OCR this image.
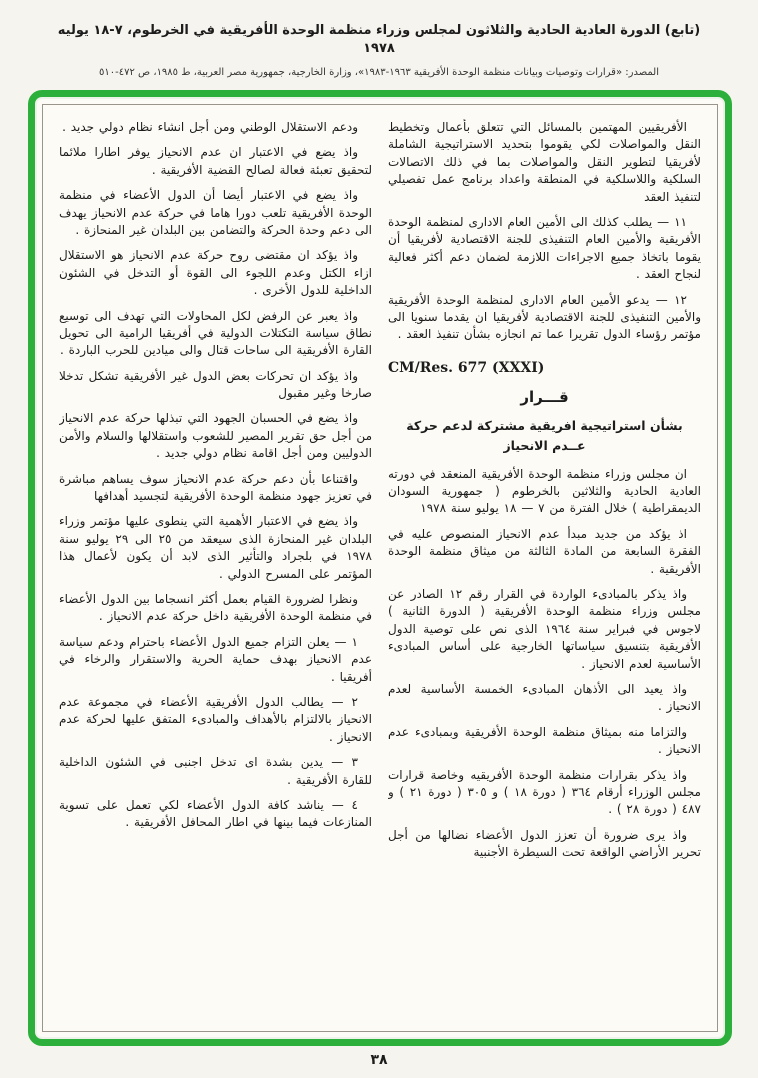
(تابع) الدورة العادية الحادية والثلاثون لمجلس وزراء منظمة الوحدة الأفريقية في الخرطوم، ٧-١٨ يوليه ١٩٧٨
المصدر: «قرارات وتوصيات وبيانات منظمة الوحدة الأفريقية ١٩٦٣-١٩٨٣»، وزارة الخارجية، جمهورية مصر العربية، ط ١٩٨٥، ص ٤٧٢-٥١٠
الأفريقيين المهتمين بالمسائل التي تتعلق بأعمال وتخطيط النقل والمواصلات لكي يقوموا بتحديد الاستراتيجية الشاملة لأفريقيا لتطوير النقل والمواصلات بما في ذلك الاتصالات السلكية واللاسلكية في المنطقة واعداد برنامج عمل تفصيلي لتنفيذ العقد
١١ — يطلب كذلك الى الأمين العام الادارى لمنظمة الوحدة الأفريقية والأمين العام التنفيذى للجنة الاقتصادية لأفريقيا أن يقوما باتخاذ جميع الاجراءات اللازمة لضمان دعم أكثر فعالية لنجاح العقد .
١٢ — يدعو الأمين العام الادارى لمنظمة الوحدة الأفريقية والأمين التنفيذى للجنة الاقتصادية لأفريقيا ان يقدما سنويا الى مؤتمر رؤساء الدول تقريرا عما تم انجازه بشأن تنفيذ العقد .
CM/Res. 677 (XXXI)
قـــرار
بشأن استراتيجية افريقية مشتركة لدعم حركة عــدم الانحياز
ان مجلس وزراء منظمة الوحدة الأفريقية المنعقد في دورته العادية الحادية والثلاثين بالخرطوم ( جمهورية السودان الديمقراطية ) خلال الفترة من ٧ — ١٨ يوليو سنة ١٩٧٨
اذ يؤكد من جديد مبدأ عدم الانحياز المنصوص عليه في الفقرة السابعة من المادة الثالثة من ميثاق منظمة الوحدة الأفريقية .
واذ يذكر بالمبادىء الواردة في القرار رقم ١٢ الصادر عن مجلس وزراء منظمة الوحدة الأفريقية ( الدورة الثانية ) لاجوس في فبراير سنة ١٩٦٤ الذى نص على توصية الدول الأفريقية بتنسيق سياساتها الخارجية على أساس المبادىء الأساسية لعدم الانحياز .
واذ يعيد الى الأذهان المبادىء الخمسة الأساسية لعدم الانحياز .
والتزاما منه بميثاق منظمة الوحدة الأفريقية وبمبادىء عدم الانحياز .
واذ يذكر بقرارات منظمة الوحدة الأفريقيه وخاصة قرارات مجلس الوزراء أرقام ٣٦٤ ( دورة ١٨ ) و ٣٠٥ ( دورة ٢١ ) و ٤٨٧ ( دورة ٢٨ ) .
واذ يرى ضرورة أن تعزز الدول الأعضاء نضالها من أجل تحرير الأراضي الواقعة تحت السيطرة الأجنبية
ودعم الاستقلال الوطني ومن أجل انشاء نظام دولي جديد .
واذ يضع في الاعتبار ان عدم الانحياز يوفر اطارا ملائما لتحقيق تعبئة فعالة لصالح القضية الأفريقية .
واذ يضع في الاعتبار أيضا أن الدول الأعضاء في منظمة الوحدة الأفريقية تلعب دورا هاما في حركة عدم الانحياز يهدف الى دعم وحدة الحركة والتضامن بين البلدان غير المنحازة .
واذ يؤكد ان مقتضى روح حركة عدم الانحياز هو الاستقلال ازاء الكتل وعدم اللجوء الى القوة أو التدخل في الشئون الداخلية للدول الأخرى .
واذ يعبر عن الرفض لكل المحاولات التي تهدف الى توسيع نطاق سياسة التكتلات الدولية في أفريقيا الرامية الى تحويل القارة الأفريقية الى ساحات قتال والى ميادين للحرب الباردة .
واذ يؤكد ان تحركات بعض الدول غير الأفريقية تشكل تدخلا صارخا وغير مقبول
واذ يضع في الحسبان الجهود التي تبذلها حركة عدم الانحياز من أجل حق تقرير المصير للشعوب واستقلالها والسلام والأمن الدوليين ومن أجل اقامة نظام دولي جديد .
واقتناعا بأن دعم حركة عدم الانحياز سوف يساهم مباشرة في تعزيز جهود منظمة الوحدة الأفريقية لتجسيد أهدافها
واذ يضع في الاعتبار الأهمية التي ينطوى عليها مؤتمر وزراء البلدان غير المنحازة الذى سيعقد من ٢٥ الى ٢٩ يوليو سنة ١٩٧٨ في بلجراد والتأثير الذى لابد أن يكون لأعمال هذا المؤتمر على المسرح الدولي .
ونظرا لضرورة القيام بعمل أكثر انسجاما بين الدول الأعضاء في منظمة الوحدة الأفريقية داخل حركة عدم الانحياز .
١ — يعلن التزام جميع الدول الأعضاء باحترام ودعم سياسة عدم الانحياز بهدف حماية الحرية والاستقرار والرخاء في أفريقيا .
٢ — يطالب الدول الأفريقية الأعضاء في مجموعة عدم الانحياز بالالتزام بالأهداف والمبادىء المتفق عليها لحركة عدم الانحياز .
٣ — يدين بشدة اى تدخل اجنبى في الشئون الداخلية للقارة الأفريقية .
٤ — يناشد كافة الدول الأعضاء لكي تعمل على تسوية المنازعات فيما بينها في اطار المحافل الأفريقية .
٣٨
